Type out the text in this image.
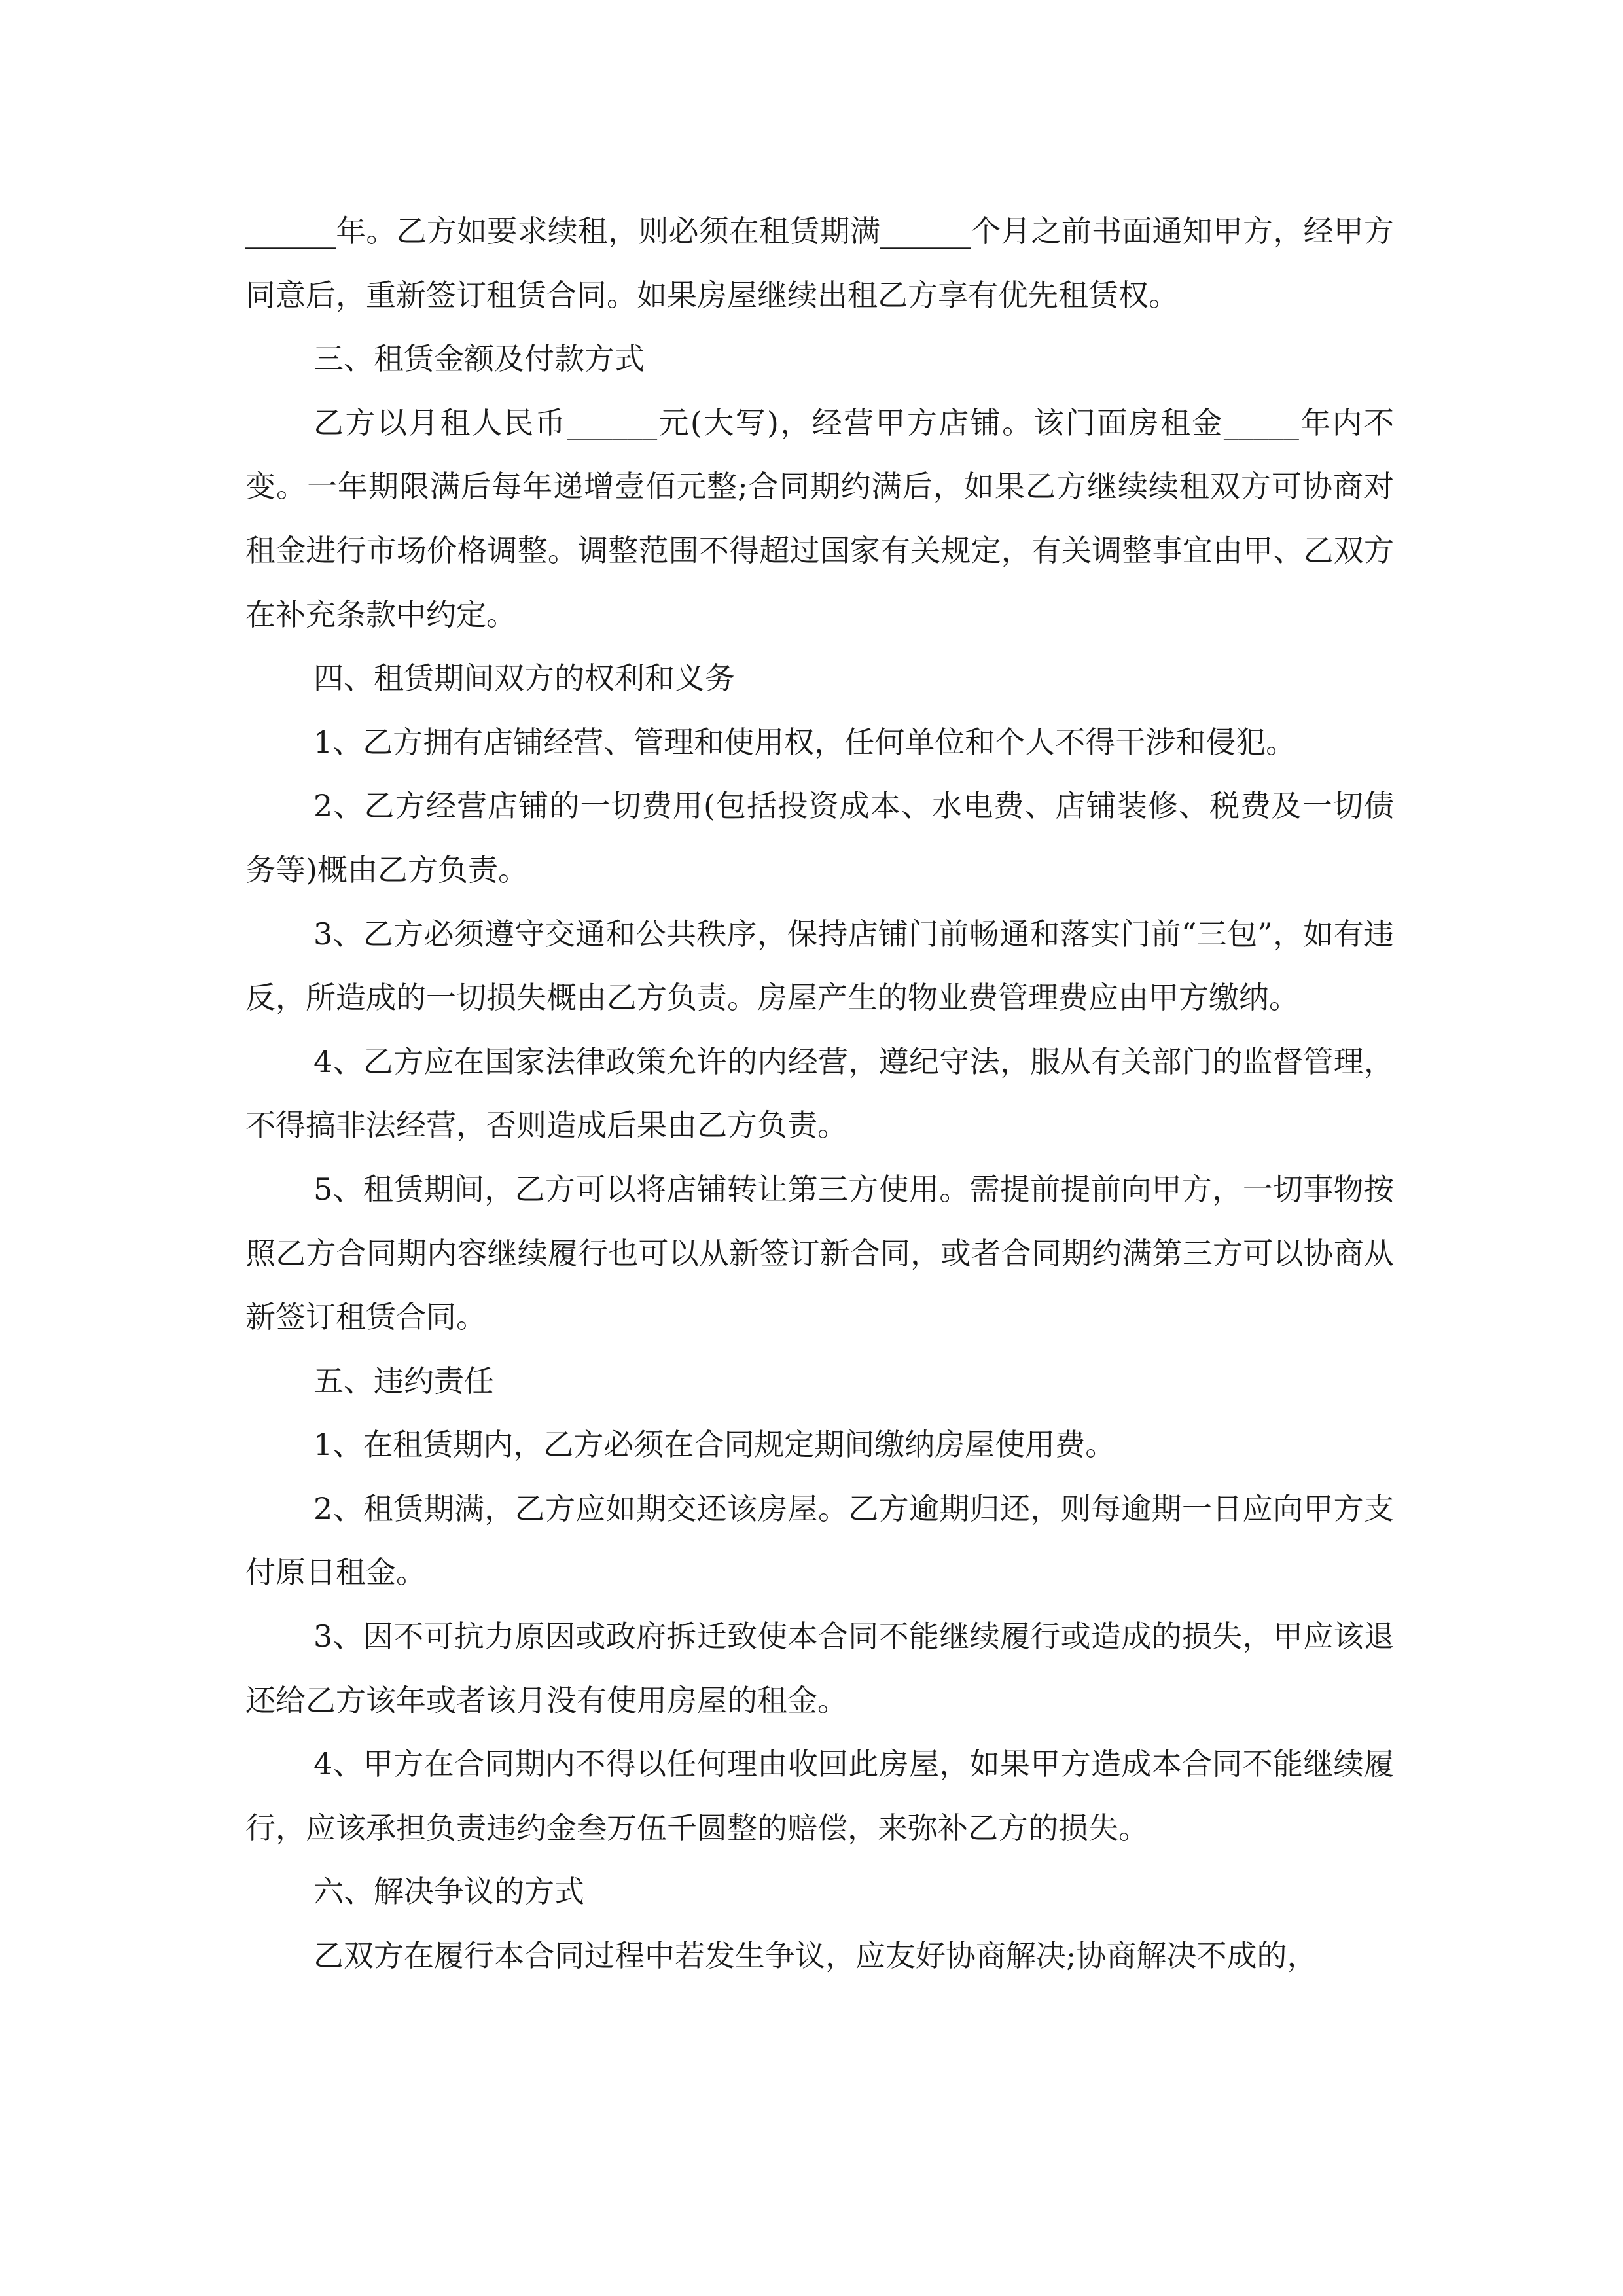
______年。乙方如要求续租，则必须在租赁期满______个月之前书面通知甲方，经甲方同意后，重新签订租赁合同。如果房屋继续出租乙方享有优先租赁权。

三、租赁金额及付款方式

乙方以月租人民币______元(大写)，经营甲方店铺。该门面房租金_____年内不变。一年期限满后每年递增壹佰元整;合同期约满后，如果乙方继续续租双方可协商对租金进行市场价格调整。调整范围不得超过国家有关规定，有关调整事宜由甲、乙双方在补充条款中约定。

四、租赁期间双方的权利和义务

1、乙方拥有店铺经营、管理和使用权，任何单位和个人不得干涉和侵犯。

2、乙方经营店铺的一切费用(包括投资成本、水电费、店铺装修、税费及一切债务等)概由乙方负责。

3、乙方必须遵守交通和公共秩序，保持店铺门前畅通和落实门前“三包”，如有违反，所造成的一切损失概由乙方负责。房屋产生的物业费管理费应由甲方缴纳。

4、乙方应在国家法律政策允许的内经营，遵纪守法，服从有关部门的监督管理，不得搞非法经营，否则造成后果由乙方负责。

5、租赁期间，乙方可以将店铺转让第三方使用。需提前提前向甲方，一切事物按照乙方合同期内容继续履行也可以从新签订新合同，或者合同期约满第三方可以协商从新签订租赁合同。

五、违约责任

1、在租赁期内，乙方必须在合同规定期间缴纳房屋使用费。

2、租赁期满，乙方应如期交还该房屋。乙方逾期归还，则每逾期一日应向甲方支付原日租金。

3、因不可抗力原因或政府拆迁致使本合同不能继续履行或造成的损失，甲应该退还给乙方该年或者该月没有使用房屋的租金。

4、甲方在合同期内不得以任何理由收回此房屋，如果甲方造成本合同不能继续履行，应该承担负责违约金叁万伍千圆整的赔偿，来弥补乙方的损失。

六、解决争议的方式

乙双方在履行本合同过程中若发生争议，应友好协商解决;协商解决不成的，
